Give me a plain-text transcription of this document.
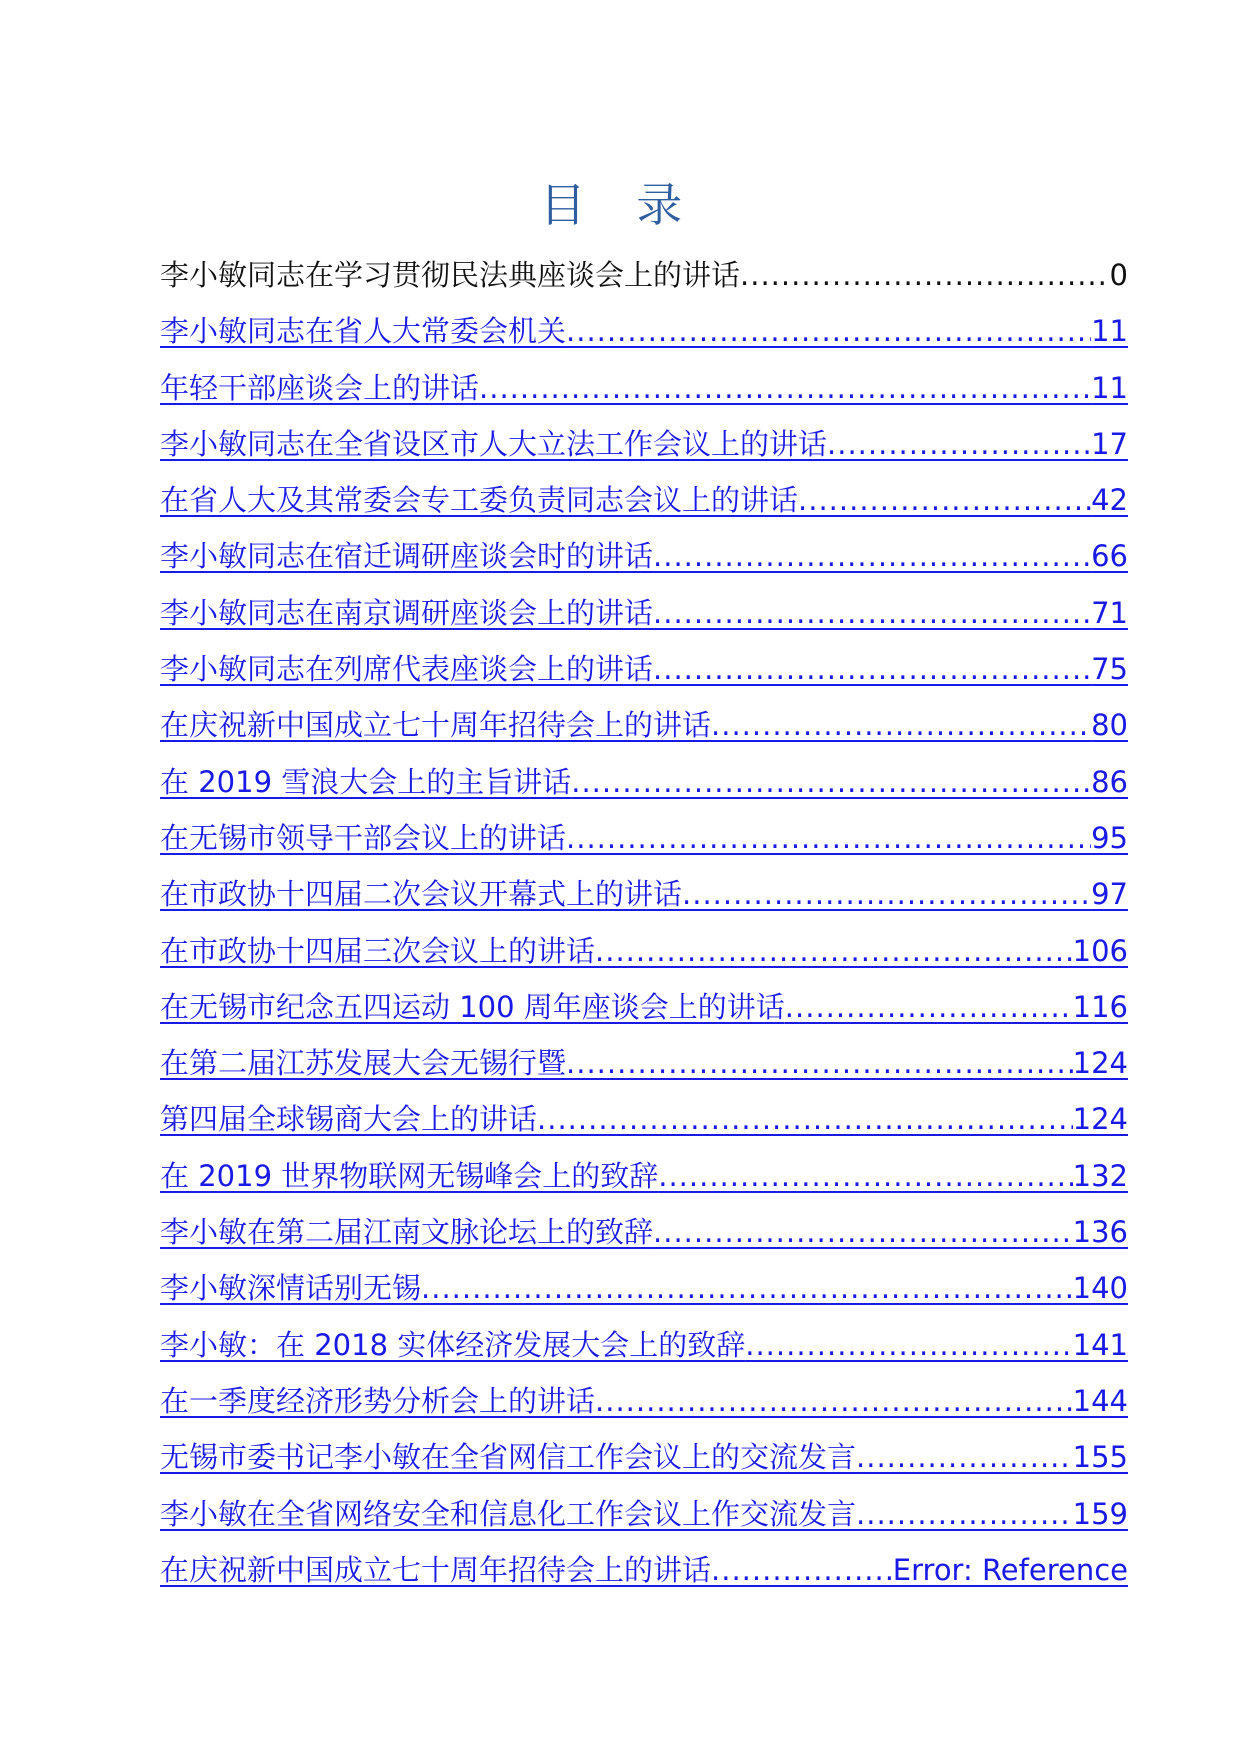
目 录
李小敏同志在学习贯彻民法典座谈会上的讲话 .....	0
李小敏同志在省人大常委会机关 .....	11
年轻干部座谈会上的讲话 .....	11
李小敏同志在全省设区市人大立法工作会议上的讲话 .....	17
在省人大及其常委会专工委负责同志会议上的讲话 .....	42
李小敏同志在宿迁调研座谈会时的讲话 .....	66
李小敏同志在南京调研座谈会上的讲话 .....	71
李小敏同志在列席代表座谈会上的讲话 .....	75
在庆祝新中国成立七十周年招待会上的讲话 .....	80
在 2019 雪浪大会上的主旨讲话 .....	86
在无锡市领导干部会议上的讲话 .....	95
在市政协十四届二次会议开幕式上的讲话 .....	97
在市政协十四届三次会议上的讲话 .....	106
在无锡市纪念五四运动 100 周年座谈会上的讲话 .....	116
在第二届江苏发展大会无锡行暨 .....	124
第四届全球锡商大会上的讲话 .....	124
在 2019 世界物联网无锡峰会上的致辞 .....	132
李小敏在第二届江南文脉论坛上的致辞 .....	136
李小敏深情话别无锡 .....	140
李小敏：在 2018 实体经济发展大会上的致辞 .....	141
在一季度经济形势分析会上的讲话 .....	144
无锡市委书记李小敏在全省网信工作会议上的交流发言 .....	155
李小敏在全省网络安全和信息化工作会议上作交流发言 .....	159
在庆祝新中国成立七十周年招待会上的讲话 .....	Error: Reference
